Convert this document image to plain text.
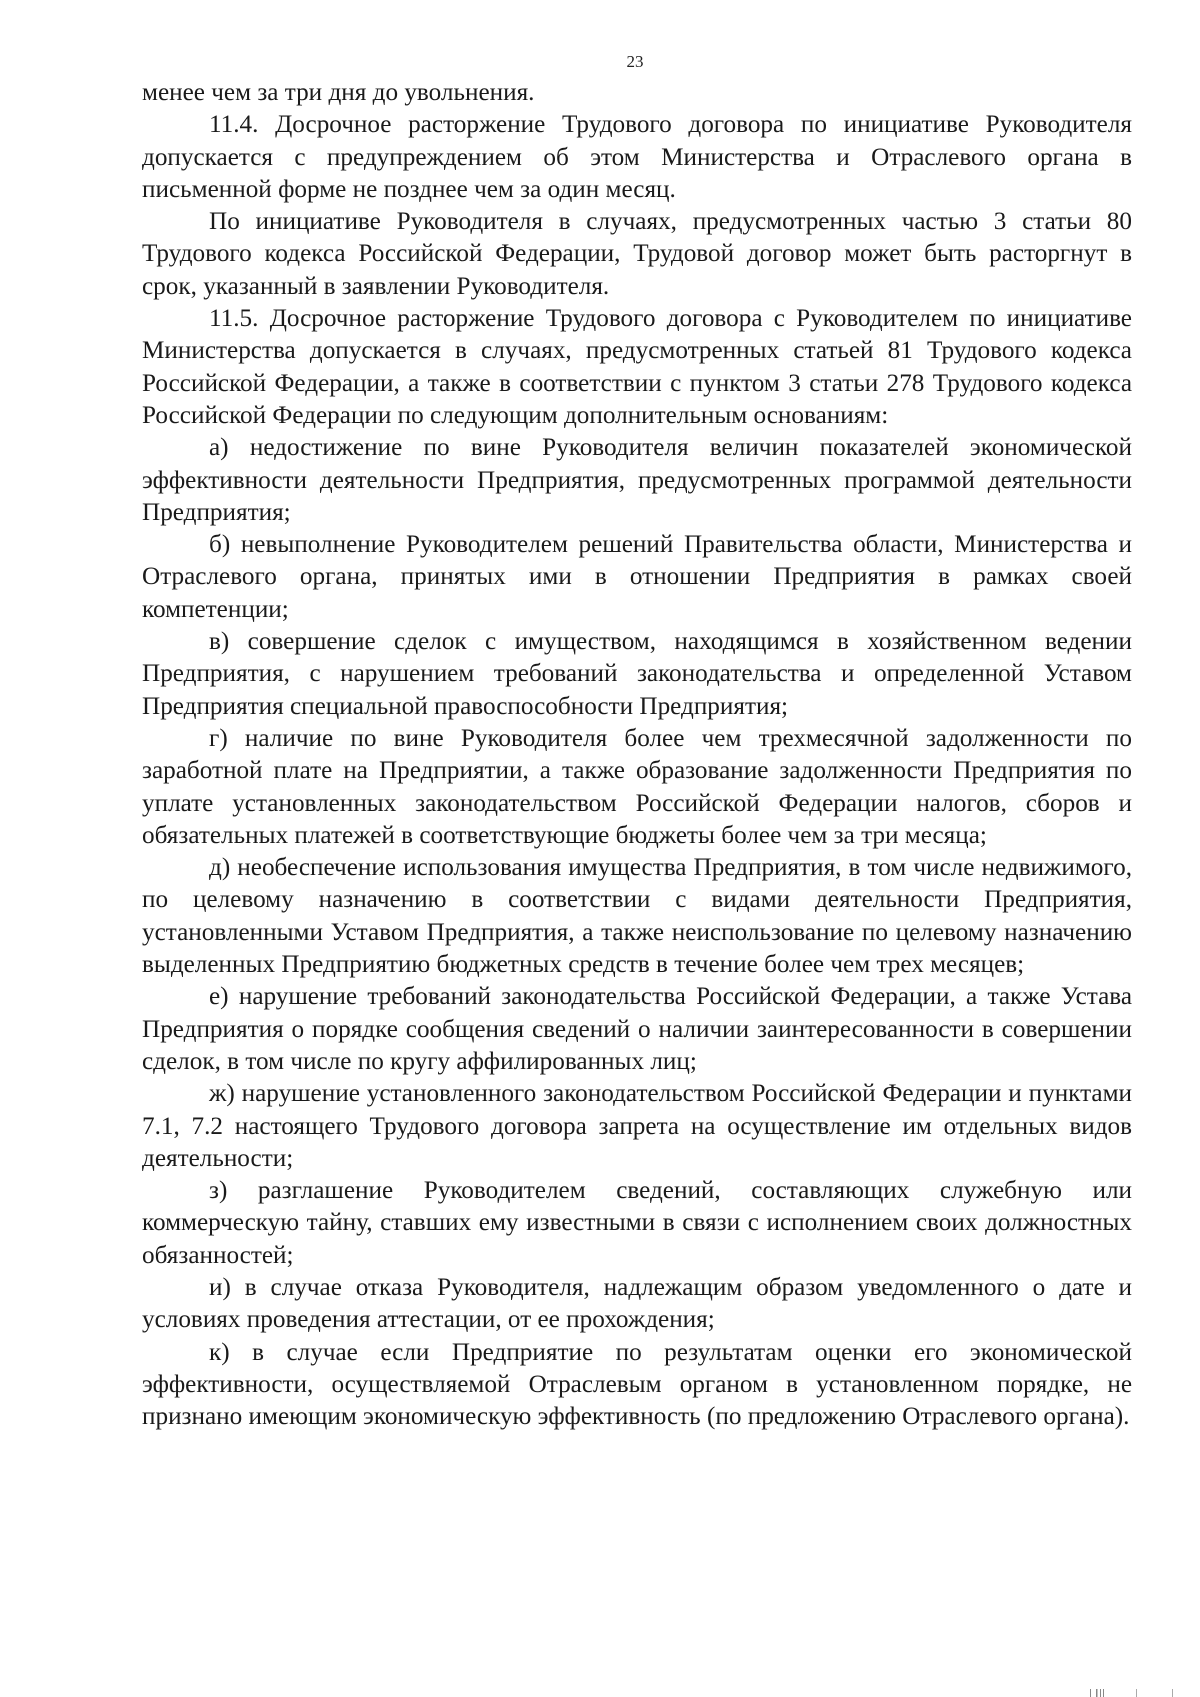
23

менее чем за три дня до увольнения.

11.4. Досрочное расторжение Трудового договора по инициативе Руководителя допускается с предупреждением об этом Министерства и Отраслевого органа в письменной форме не позднее чем за один месяц.

По инициативе Руководителя в случаях, предусмотренных частью 3 статьи 80 Трудового кодекса Российской Федерации, Трудовой договор может быть расторгнут в срок, указанный в заявлении Руководителя.

11.5. Досрочное расторжение Трудового договора с Руководителем по инициативе Министерства допускается в случаях, предусмотренных статьей 81 Трудового кодекса Российской Федерации, а также в соответствии с пунктом 3 статьи 278 Трудового кодекса Российской Федерации по следующим дополнительным основаниям:

а) недостижение по вине Руководителя величин показателей экономической эффективности деятельности Предприятия, предусмотренных программой деятельности Предприятия;

б) невыполнение Руководителем решений Правительства области, Министерства и Отраслевого органа, принятых ими в отношении Предприятия в рамках своей компетенции;

в) совершение сделок с имуществом, находящимся в хозяйственном ведении Предприятия, с нарушением требований законодательства и определенной Уставом Предприятия специальной правоспособности Предприятия;

г) наличие по вине Руководителя более чем трехмесячной задолженности по заработной плате на Предприятии, а также образование задолженности Предприятия по уплате установленных законодательством Российской Федерации налогов, сборов и обязательных платежей в соответствующие бюджеты более чем за три месяца;

д) необеспечение использования имущества Предприятия, в том числе недвижимого, по целевому назначению в соответствии с видами деятельности Предприятия, установленными Уставом Предприятия, а также неиспользование по целевому назначению выделенных Предприятию бюджетных средств в течение более чем трех месяцев;

е) нарушение требований законодательства Российской Федерации, а также Устава Предприятия о порядке сообщения сведений о наличии заинтересованности в совершении сделок, в том числе по кругу аффилированных лиц;

ж) нарушение установленного законодательством Российской Федерации и пунктами 7.1, 7.2 настоящего Трудового договора запрета на осуществление им отдельных видов деятельности;

з) разглашение Руководителем сведений, составляющих служебную или коммерческую тайну, ставших ему известными в связи с исполнением своих должностных обязанностей;

и) в случае отказа Руководителя, надлежащим образом уведомленного о дате и условиях проведения аттестации, от ее прохождения;

к) в случае если Предприятие по результатам оценки его экономической эффективности, осуществляемой Отраслевым органом в установленном порядке, не признано имеющим экономическую эффективность (по предложению Отраслевого органа).
